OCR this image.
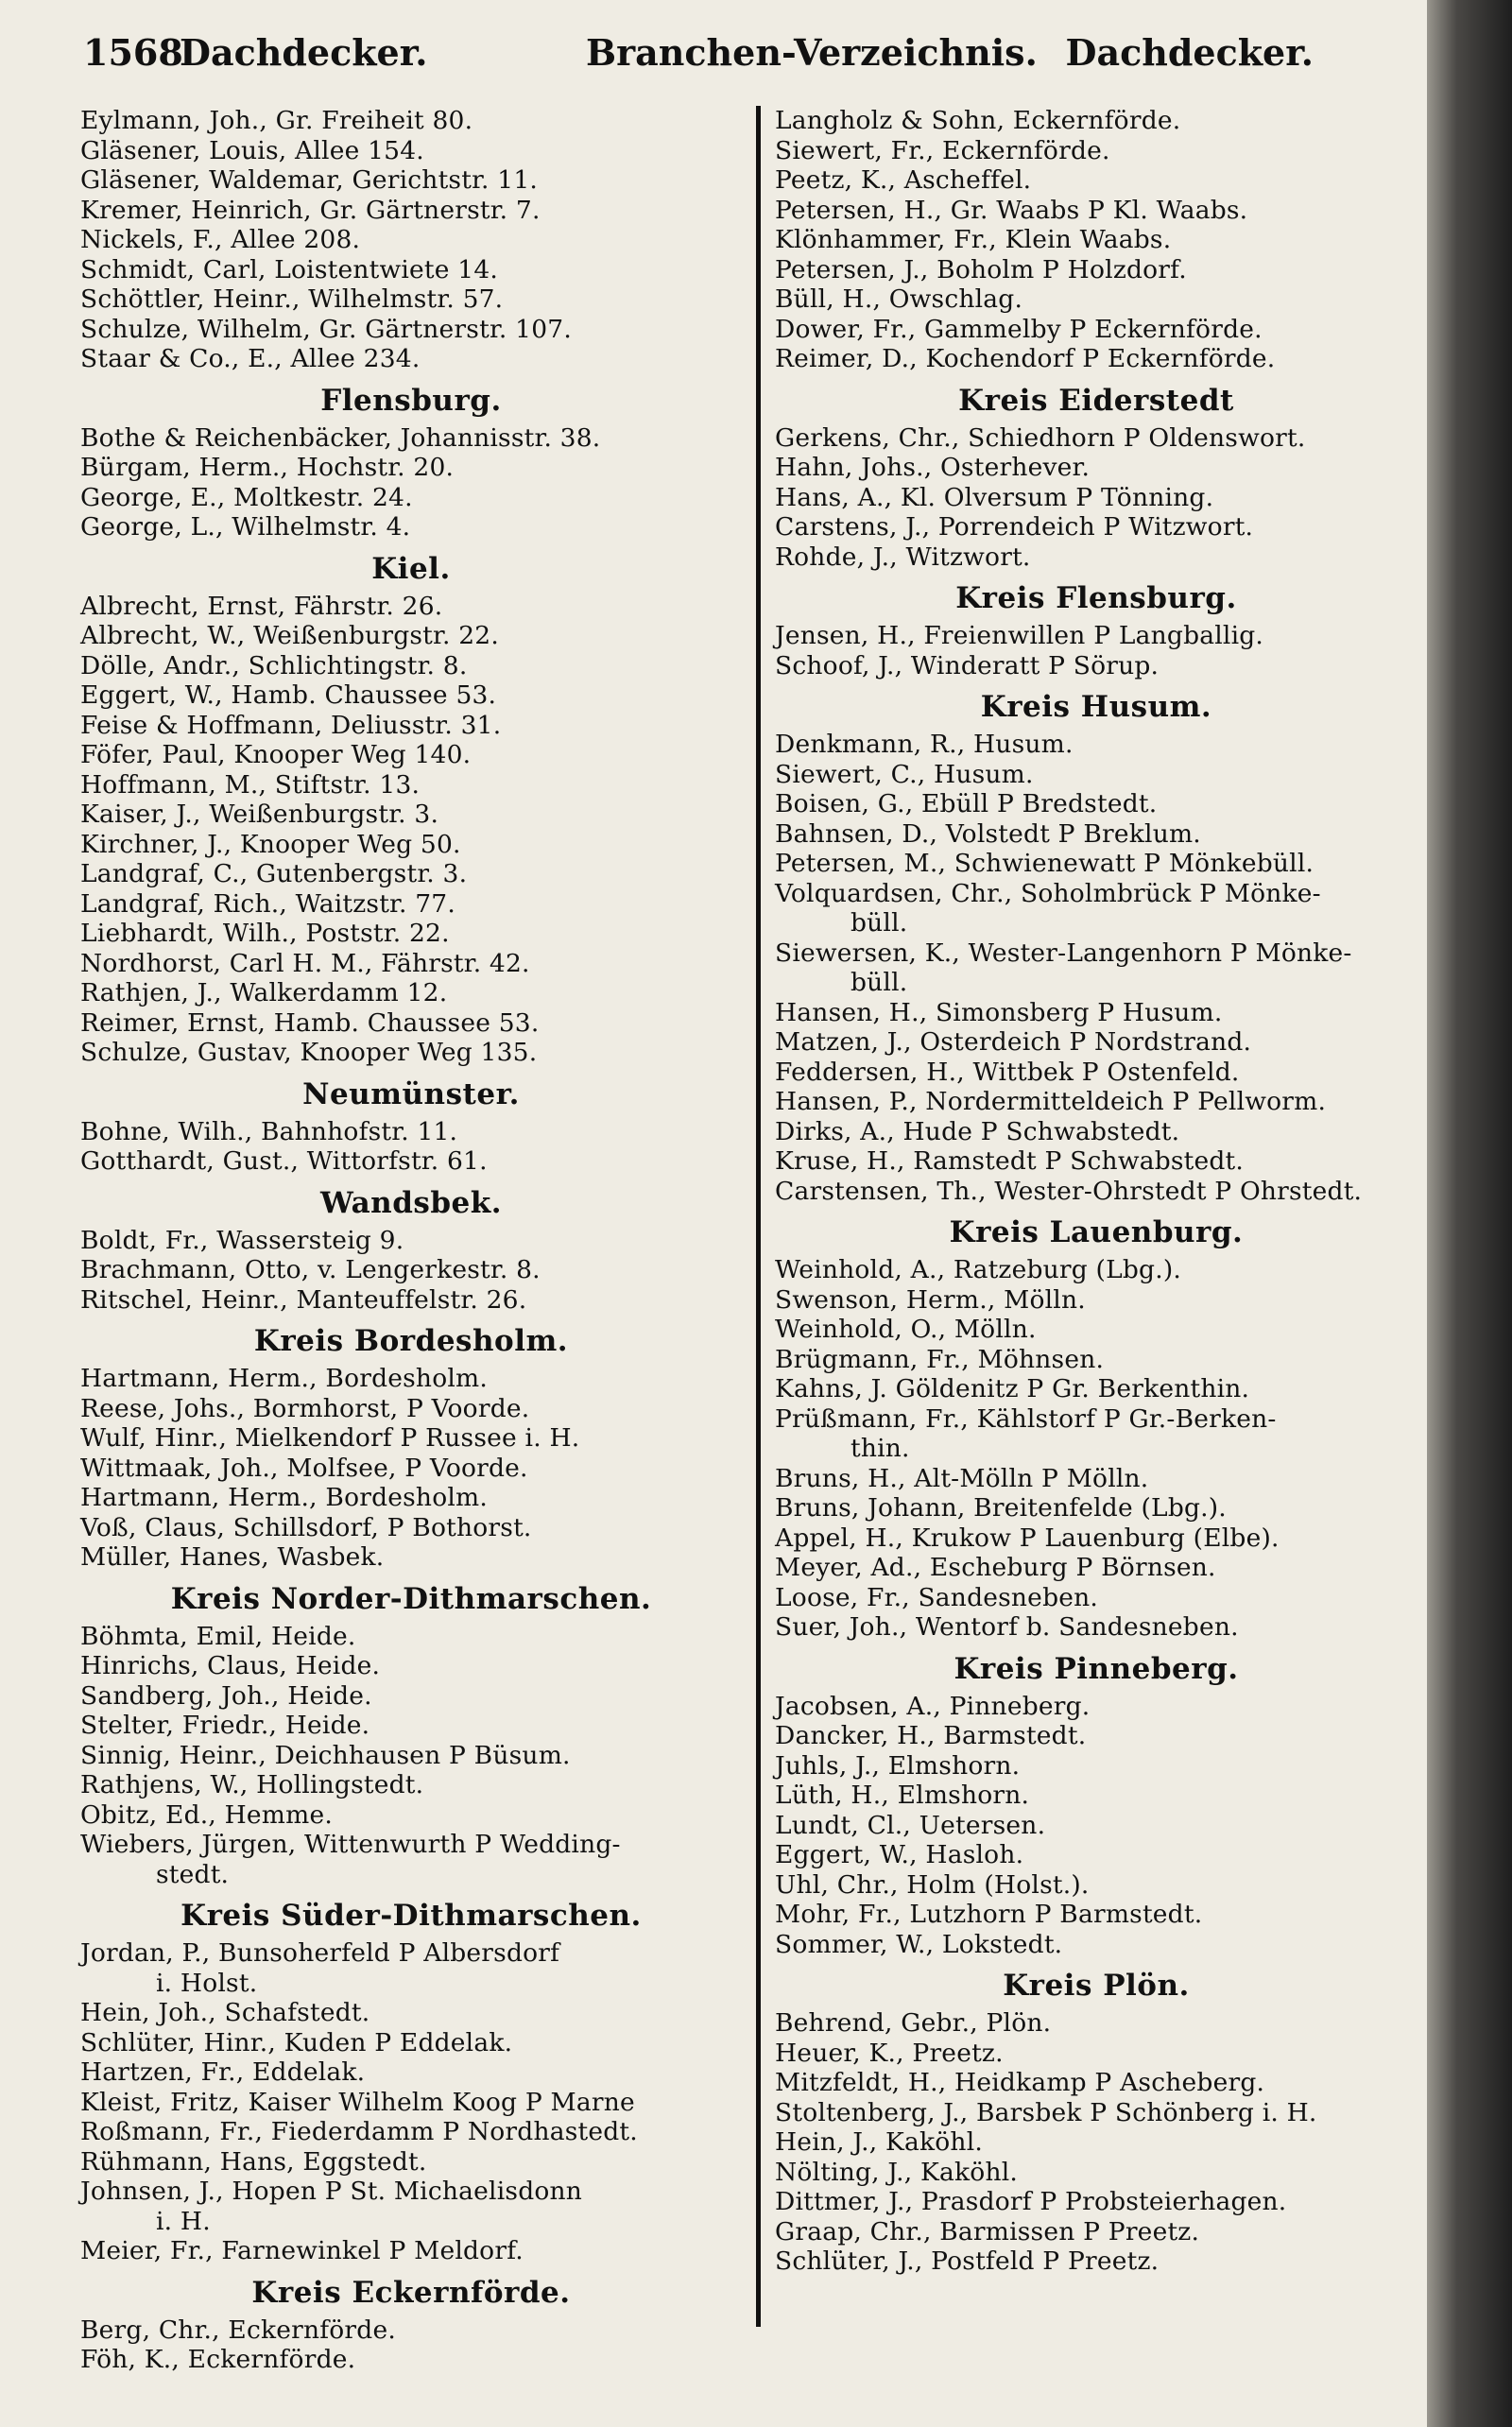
1568
Dachdecker.	Branchen-Verzeichnis. Dachdecker.
Eylmann, Joh., Gr. Freiheit 80.
Gläsener, Louis, Allee 154.
Gläsener, Waldemar, Gerichtstr. 11.
Kremer, Heinrich, Gr. Gärtnerstr. 7.
Nickels, F., Allee 208.
Schmidt, Carl, Loistentwiete 14.
Schöttler, Heinr., Wilhelmstr. 57.
Schulze, Wilhelm, Gr. Gärtnerstr. 107.
Staar & Co., E., Allee 234.
Flensburg.
Bothe & Reichenbäcker, Johannisstr. 38.
Bürgam, Herm., Hochstr. 20.
George, E., Moltkestr. 24.
George, L., Wilhelmstr. 4.
Kiel.
Albrecht, Ernst, Fährstr. 26.
Albrecht, W., Weißenburgstr. 22.
Dölle, Andr., Schlichtingstr. 8.
Eggert, W., Hamb. Chaussee 53.
Feise & Hoffmann, Deliusstr. 31.
Föfer, Paul, Knooper Weg 140.
Hoffmann, M., Stiftstr. 13.
Kaiser, J., Weißenburgstr. 3.
Kirchner, J., Knooper Weg 50.
Landgraf, C., Gutenbergstr. 3.
Landgraf, Rich., Waitzstr. 77.
Liebhardt, Wilh., Poststr. 22.
Nordhorst, Carl H. M., Fährstr. 42.
Rathjen, J., Walkerdamm 12.
Reimer, Ernst, Hamb. Chaussee 53.
Schulze, Gustav, Knooper Weg 135.
Neumünster.
Bohne, Wilh., Bahnhofstr. 11.
Gotthardt, Gust., Wittorfstr. 61.
Wandsbek.
Boldt, Fr., Wassersteig 9.
Brachmann, Otto, v. Lengerkestr. 8.
Ritschel, Heinr., Manteuffelstr. 26.
Kreis Bordesholm.
Hartmann, Herm., Bordesholm.
Reese, Johs., Bormhorst, P Voorde.
Wulf, Hinr., Mielkendorf P Russee i. H.
Wittmaak, Joh., Molfsee, P Voorde.
Hartmann, Herm., Bordesholm.
Voß, Claus, Schillsdorf, P Bothorst.
Müller, Hanes, Wasbek.
Kreis Norder-Dithmarschen.
Böhmta, Emil, Heide.
Hinrichs, Claus, Heide.
Sandberg, Joh., Heide.
Stelter, Friedr., Heide.
Sinnig, Heinr., Deichhausen P Büsum.
Rathjens, W., Hollingstedt.
Obitz, Ed., Hemme.
Wiebers, Jürgen, Wittenwurth P Wedding-
stedt.
Kreis Süder-Dithmarschen.
Jordan, P., Bunsoherfeld P Albersdorf
i. Holst.
Hein, Joh., Schafstedt.
Schlüter, Hinr., Kuden P Eddelak.
Hartzen, Fr., Eddelak.
Kleist, Fritz, Kaiser Wilhelm Koog P Marne
Roßmann, Fr., Fiederdamm P Nordhastedt.
Rühmann, Hans, Eggstedt.
Johnsen, J., Hopen P St. Michaelisdonn
i. H.
Meier, Fr., Farnewinkel P Meldorf.
Kreis Eckernförde.
Berg, Chr., Eckernförde.
Föh, K., Eckernförde.
Langholz & Sohn, Eckernförde.
Siewert, Fr., Eckernförde.
Peetz, K., Ascheffel.
Petersen, H., Gr. Waabs P Kl. Waabs.
Klönhammer, Fr., Klein Waabs.
Petersen, J., Boholm P Holzdorf.
Büll, H., Owschlag.
Dower, Fr., Gammelby P Eckernförde.
Reimer, D., Kochendorf P Eckernförde.
Kreis Eiderstedt
Gerkens, Chr., Schiedhorn P Oldenswort.
Hahn, Johs., Osterhever.
Hans, A., Kl. Olversum P Tönning.
Carstens, J., Porrendeich P Witzwort.
Rohde, J., Witzwort.
Kreis Flensburg.
Jensen, H., Freienwillen P Langballig.
Schoof, J., Winderatt P Sörup.
Kreis Husum.
Denkmann, R., Husum.
Siewert, C., Husum.
Boisen, G., Ebüll P Bredstedt.
Bahnsen, D., Volstedt P Breklum.
Petersen, M., Schwienewatt P Mönkebüll.
Volquardsen, Chr., Soholmbrück P Mönke-
büll.
Siewersen, K., Wester-Langenhorn P Mönke-
büll.
Hansen, H., Simonsberg P Husum.
Matzen, J., Osterdeich P Nordstrand.
Feddersen, H., Wittbek P Ostenfeld.
Hansen, P., Nordermitteldeich P Pellworm.
Dirks, A., Hude P Schwabstedt.
Kruse, H., Ramstedt P Schwabstedt.
Carstensen, Th., Wester-Ohrstedt P Ohrstedt.
Kreis Lauenburg.
Weinhold, A., Ratzeburg (Lbg.).
Swenson, Herm., Mölln.
Weinhold, O., Mölln.
Brügmann, Fr., Möhnsen.
Kahns, J. Göldenitz P Gr. Berkenthin.
Prüßmann, Fr., Kählstorf P Gr.-Berken-
thin.
Bruns, H., Alt-Mölln P Mölln.
Bruns, Johann, Breitenfelde (Lbg.).
Appel, H., Krukow P Lauenburg (Elbe).
Meyer, Ad., Escheburg P Börnsen.
Loose, Fr., Sandesneben.
Suer, Joh., Wentorf b. Sandesneben.
Kreis Pinneberg.
Jacobsen, A., Pinneberg.
Dancker, H., Barmstedt.
Juhls, J., Elmshorn.
Lüth, H., Elmshorn.
Lundt, Cl., Uetersen.
Eggert, W., Hasloh.
Uhl, Chr., Holm (Holst.).
Mohr, Fr., Lutzhorn P Barmstedt.
Sommer, W., Lokstedt.
Kreis Plön.
Behrend, Gebr., Plön.
Heuer, K., Preetz.
Mitzfeldt, H., Heidkamp P Ascheberg.
Stoltenberg, J., Barsbek P Schönberg i. H.
Hein, J., Kaköhl.
Nölting, J., Kaköhl.
Dittmer, J., Prasdorf P Probsteierhagen.
Graap, Chr., Barmissen P Preetz.
Schlüter, J., Postfeld P Preetz.
